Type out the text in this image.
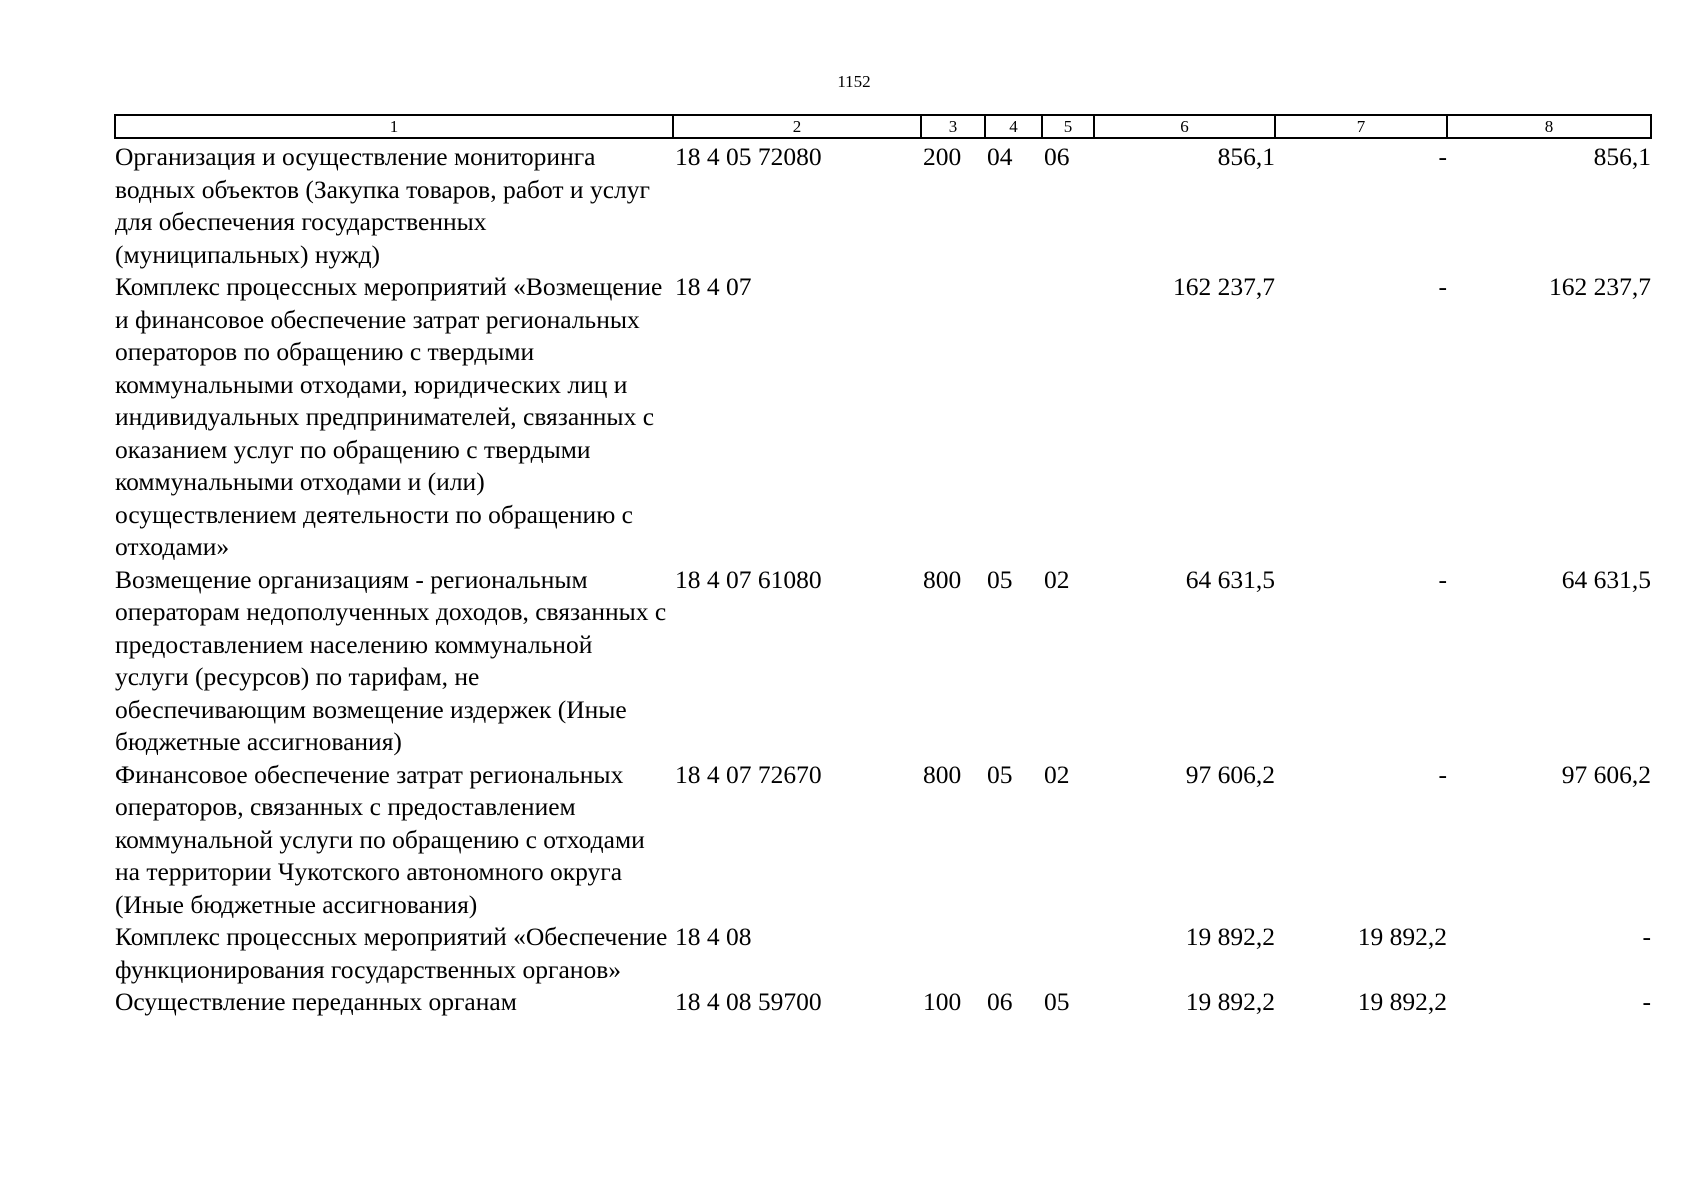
1152
1	2	3	4	5	6	7	8
Организация и осуществление мониторинга водных объектов (Закупка товаров, работ и услуг для обеспечения государственных (муниципальных) нужд)	18 4 05 72080	200	04	06	856,1	-	856,1
Комплекс процессных мероприятий «Возмещение и финансовое обеспечение затрат региональных операторов по обращению с твердыми коммунальными отходами, юридических лиц и индивидуальных предпринимателей, связанных с оказанием услуг по обращению с твердыми коммунальными отходами и (или) осуществлением деятельности по обращению с отходами»	18 4 07				162 237,7	-	162 237,7
Возмещение организациям - региональным операторам недополученных доходов, связанных с предоставлением населению коммунальной услуги (ресурсов) по тарифам, не обеспечивающим возмещение издержек (Иные бюджетные ассигнования)	18 4 07 61080	800	05	02	64 631,5	-	64 631,5
Финансовое обеспечение затрат региональных операторов, связанных с предоставлением коммунальной услуги по обращению с отходами на территории Чукотского автономного округа (Иные бюджетные ассигнования)	18 4 07 72670	800	05	02	97 606,2	-	97 606,2
Комплекс процессных мероприятий «Обеспечение функционирования государственных органов»	18 4 08				19 892,2	19 892,2	-
Осуществление переданных органам	18 4 08 59700	100	06	05	19 892,2	19 892,2	-
